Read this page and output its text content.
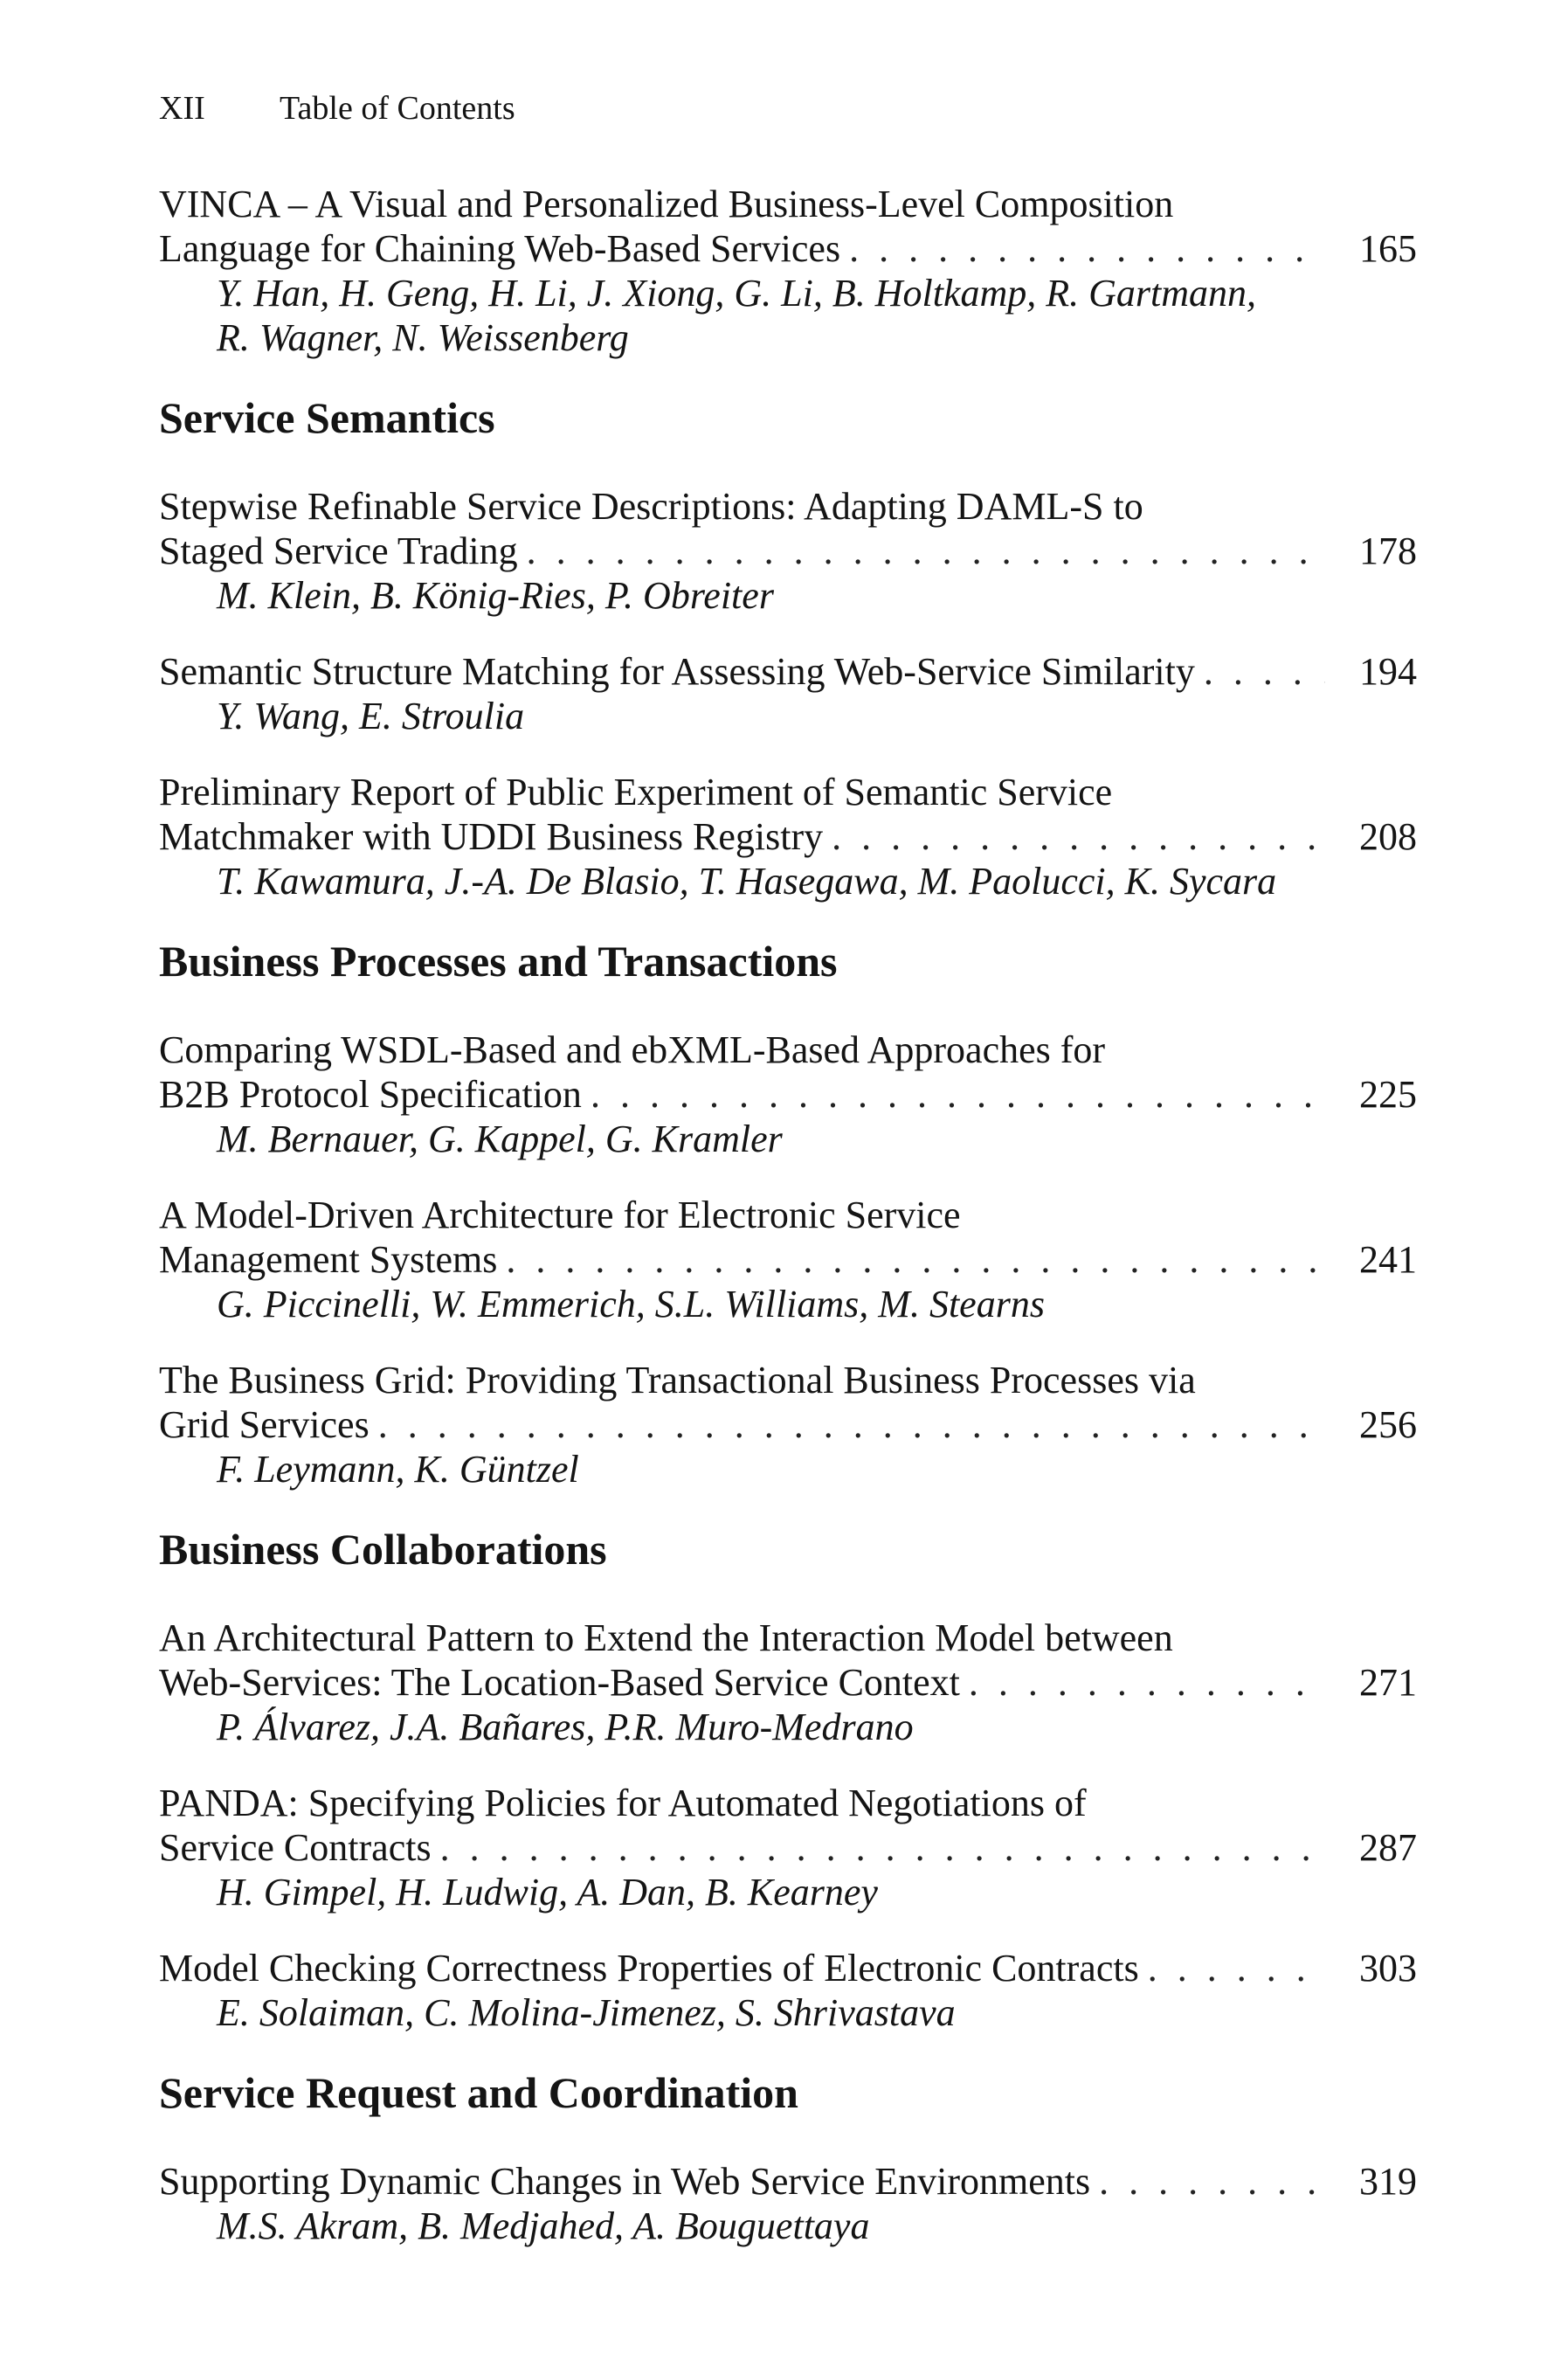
XII Table of Contents
VINCA – A Visual and Personalized Business-Level Composition
Language for Chaining Web-Based Services . . .	165
Y. Han, H. Geng, H. Li, J. Xiong, G. Li, B. Holtkamp, R. Gartmann,
R. Wagner, N. Weissenberg
Service Semantics
Stepwise Refinable Service Descriptions: Adapting DAML-S to
Staged Service Trading . . .	178
M. Klein, B. König-Ries, P. Obreiter
Semantic Structure Matching for Assessing Web-Service Similarity . . .	194
Y. Wang, E. Stroulia
Preliminary Report of Public Experiment of Semantic Service
Matchmaker with UDDI Business Registry . . .	208
T. Kawamura, J.-A. De Blasio, T. Hasegawa, M. Paolucci, K. Sycara
Business Processes and Transactions
Comparing WSDL-Based and ebXML-Based Approaches for
B2B Protocol Specification . . .	225
M. Bernauer, G. Kappel, G. Kramler
A Model-Driven Architecture for Electronic Service
Management Systems . . .	241
G. Piccinelli, W. Emmerich, S.L. Williams, M. Stearns
The Business Grid: Providing Transactional Business Processes via
Grid Services . . .	256
F. Leymann, K. Güntzel
Business Collaborations
An Architectural Pattern to Extend the Interaction Model between
Web-Services: The Location-Based Service Context . . .	271
P. Álvarez, J.A. Bañares, P.R. Muro-Medrano
PANDA: Specifying Policies for Automated Negotiations of
Service Contracts . . .	287
H. Gimpel, H. Ludwig, A. Dan, B. Kearney
Model Checking Correctness Properties of Electronic Contracts . . .	303
E. Solaiman, C. Molina-Jimenez, S. Shrivastava
Service Request and Coordination
Supporting Dynamic Changes in Web Service Environments . . .	319
M.S. Akram, B. Medjahed, A. Bouguettaya
